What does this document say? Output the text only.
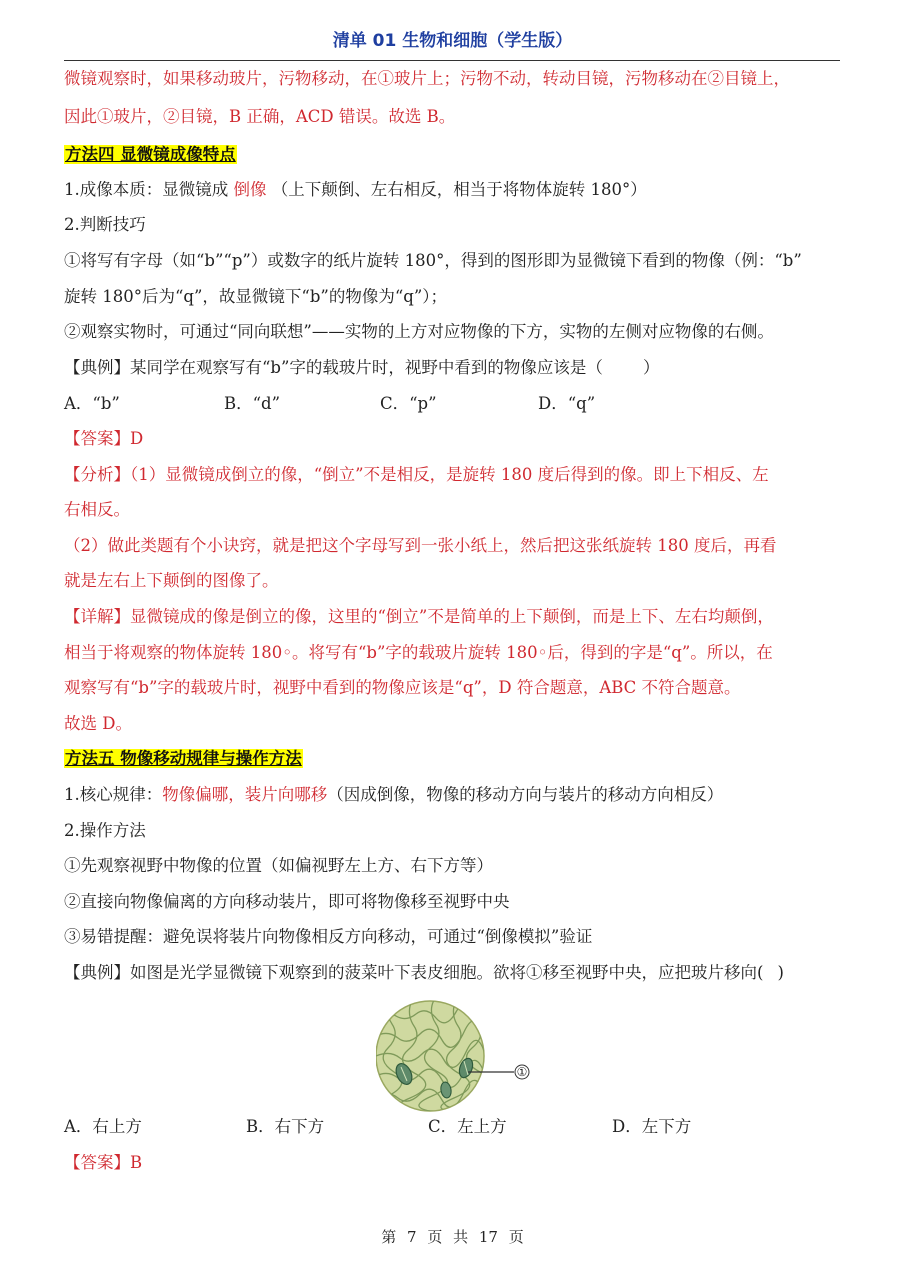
清单 01 生物和细胞（学生版）
微镜观察时，如果移动玻片，污物移动，在①玻片上；污物不动，转动目镜，污物移动在②目镜上，
因此①玻片，②目镜，B 正确，ACD 错误。故选 B。
方法四 显微镜成像特点
1.成像本质：显微镜成 倒像 （上下颠倒、左右相反，相当于将物体旋转 180°）
2.判断技巧
①将写有字母（如“b”“p”）或数字的纸片旋转 180°，得到的图形即为显微镜下看到的物像（例：“b”
旋转 180°后为“q”，故显微镜下“b”的物像为“q”）；
②观察实物时，可通过“同向联想”——实物的上方对应物像的下方，实物的左侧对应物像的右侧。
【典例】某同学在观察写有“b”字的载玻片时，视野中看到的物像应该是（ ）
A．“b”	B．“d”	C．“p”	D．“q”
【答案】D
【分析】（1）显微镜成倒立的像，“倒立”不是相反，是旋转 180 度后得到的像。即上下相反、左
右相反。
（2）做此类题有个小诀窍，就是把这个字母写到一张小纸上，然后把这张纸旋转 180 度后，再看
就是左右上下颠倒的图像了。
【详解】显微镜成的像是倒立的像，这里的“倒立”不是简单的上下颠倒，而是上下、左右均颠倒，
相当于将观察的物体旋转 180◦。将写有“b”字的载玻片旋转 180◦后，得到的字是“q”。所以，在
观察写有“b”字的载玻片时，视野中看到的物像应该是“q”，D 符合题意，ABC 不符合题意。
故选 D。
方法五 物像移动规律与操作方法
1.核心规律：物像偏哪，装片向哪移（因成倒像，物像的移动方向与装片的移动方向相反）
2.操作方法
①先观察视野中物像的位置（如偏视野左上方、右下方等）
②直接向物像偏离的方向移动装片，即可将物像移至视野中央
③易错提醒：避免误将装片向物像相反方向移动，可通过“倒像模拟”验证
【典例】如图是光学显微镜下观察到的菠菜叶下表皮细胞。欲将①移至视野中央，应把玻片移向( )
①
A．右上方	B．右下方	C．左上方	D．左下方
【答案】B
第 7 页 共 17 页
